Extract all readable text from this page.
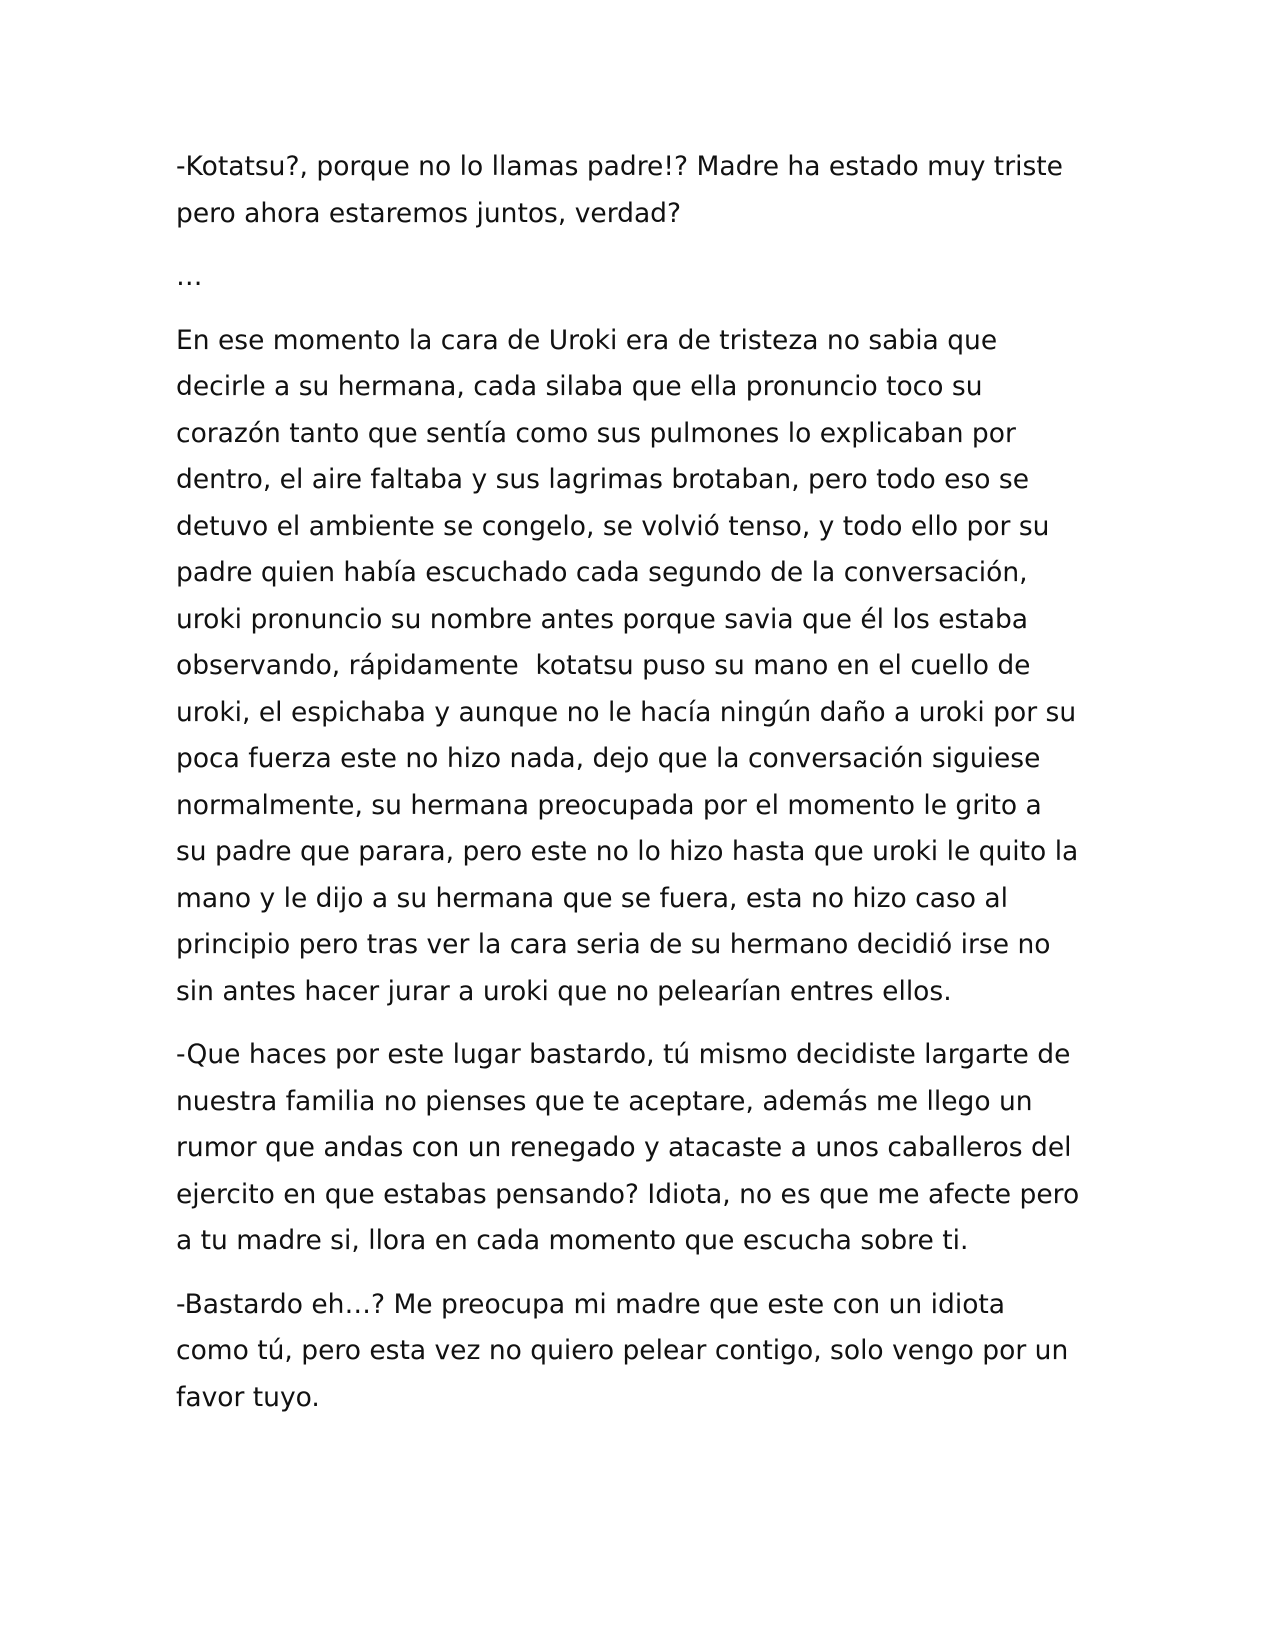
-Kotatsu?, porque no lo llamas padre!? Madre ha estado muy triste
pero ahora estaremos juntos, verdad?
…
En ese momento la cara de Uroki era de tristeza no sabia que
decirle a su hermana, cada silaba que ella pronuncio toco su
corazón tanto que sentía como sus pulmones lo explicaban por
dentro, el aire faltaba y sus lagrimas brotaban, pero todo eso se
detuvo el ambiente se congelo, se volvió tenso, y todo ello por su
padre quien había escuchado cada segundo de la conversación,
uroki pronuncio su nombre antes porque savia que él los estaba
observando, rápidamente  kotatsu puso su mano en el cuello de
uroki, el espichaba y aunque no le hacía ningún daño a uroki por su
poca fuerza este no hizo nada, dejo que la conversación siguiese
normalmente, su hermana preocupada por el momento le grito a
su padre que parara, pero este no lo hizo hasta que uroki le quito la
mano y le dijo a su hermana que se fuera, esta no hizo caso al
principio pero tras ver la cara seria de su hermano decidió irse no
sin antes hacer jurar a uroki que no pelearían entres ellos.
-Que haces por este lugar bastardo, tú mismo decidiste largarte de
nuestra familia no pienses que te aceptare, además me llego un
rumor que andas con un renegado y atacaste a unos caballeros del
ejercito en que estabas pensando? Idiota, no es que me afecte pero
a tu madre si, llora en cada momento que escucha sobre ti.
-Bastardo eh…? Me preocupa mi madre que este con un idiota
como tú, pero esta vez no quiero pelear contigo, solo vengo por un
favor tuyo.
